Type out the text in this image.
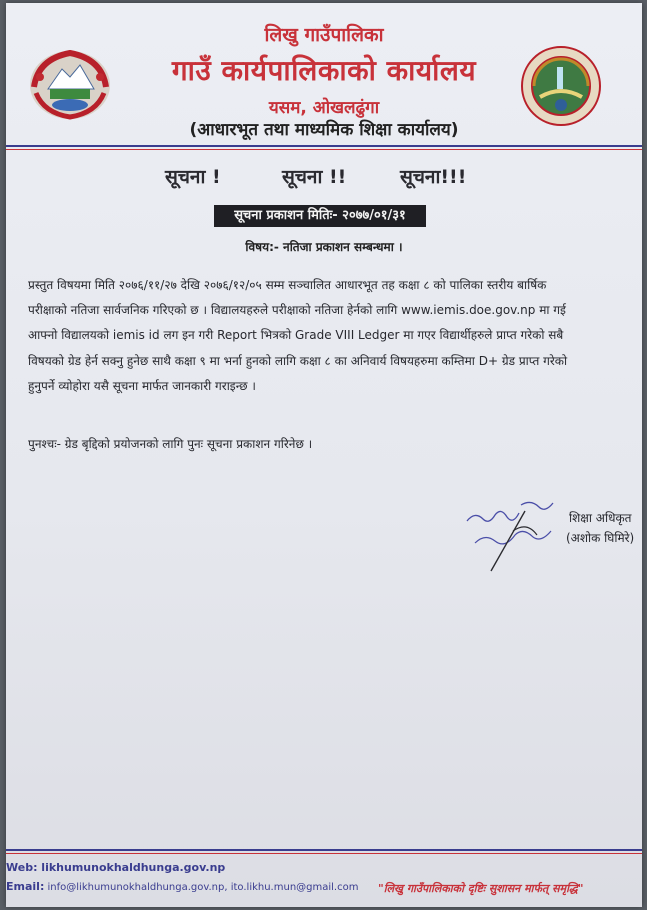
लिखु गाउँपालिका
गाउँ कार्यपालिकाको कार्यालय
यसम, ओखलढुंगा
(आधारभूत तथा माध्यमिक शिक्षा कार्यालय)
सूचना !	सूचना !!	सूचना!!!
सूचना प्रकाशन मितिः- २०७७/०१/३१
विषय:- नतिजा प्रकाशन सम्बन्धमा ।

प्रस्तुत विषयमा मिति २०७६/११/२७ देखि २०७६/१२/०५ सम्म सञ्चालित आधारभूत तह कक्षा ८ को पालिका स्तरीय बार्षिक
परीक्षाको नतिजा सार्वजनिक गरिएको छ । विद्यालयहरुले परीक्षाको नतिजा हेर्नको लागि www.iemis.doe.gov.np मा गई
आफ्नो विद्यालयको iemis id लग इन गरी Report भित्रको Grade VIII Ledger मा गएर विद्यार्थीहरुले प्राप्त गरेको सबै
विषयको ग्रेड हेर्न सक्नु हुनेछ साथै कक्षा ९ मा भर्ना हुनको लागि कक्षा ८ का अनिवार्य विषयहरुमा कम्तिमा D+ ग्रेड प्राप्त गरेको
हुनुपर्ने व्योहोरा यसै सूचना मार्फत जानकारी गराइन्छ ।

पुनश्चः- ग्रेड बृद्दिको प्रयोजनको लागि पुनः सूचना प्रकाशन गरिनेछ ।
शिक्षा अधिकृत
(अशोक घिमिरे)
Web: likhumunokhaldhunga.gov.np
Email: info@likhumunokhaldhunga.gov.np, ito.likhu.mun@gmail.com "लिखु गाउँपालिकाको दृष्टिः सुशासन मार्फत् समृद्धि"
